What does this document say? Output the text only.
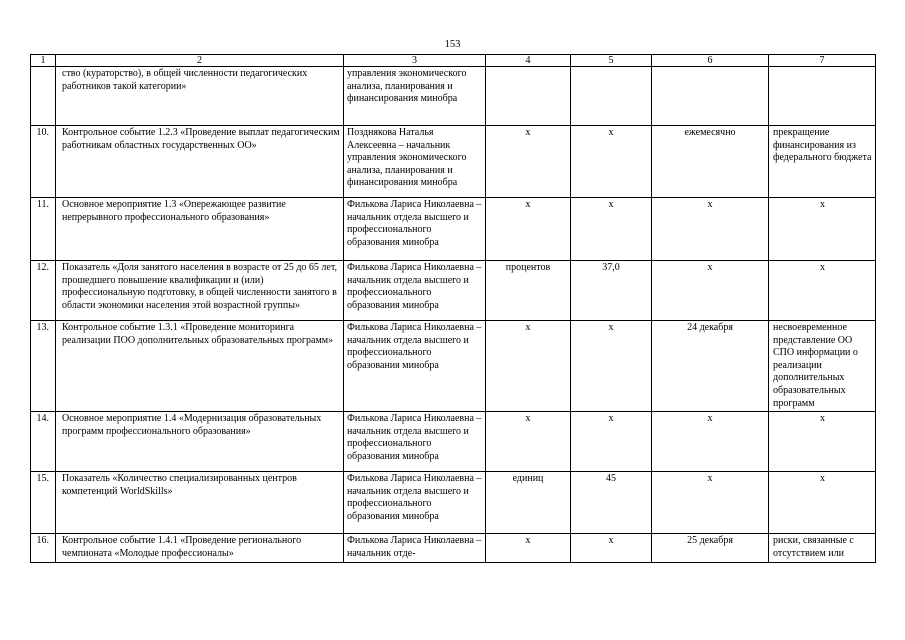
153
1	2	3	4	5	6	7
	ство (кураторство), в общей численности педагогических работников такой категории»	управления экономического анализа, планирования и финансирования минобра				
10.	Контрольное событие 1.2.3 «Проведение выплат педагогическим работникам областных государственных ОО»	Позднякова Наталья Алексеевна – начальник управления экономического анализа, планирования и финансирования минобра	х	х	ежемесячно	прекращение финансирования из федерального бюджета
11.	Основное мероприятие 1.3 «Опережающее развитие непрерывного профессионального образования»	Филькова Лариса Николаевна – начальник отдела высшего и профессионального образования минобра	х	х	х	х
12.	Показатель «Доля занятого населения в возрасте от 25 до 65 лет, прошедшего повышение квалификации и (или) профессиональную подготовку, в общей численности занятого в области экономики населения этой возрастной группы»	Филькова Лариса Николаевна – начальник отдела высшего и профессионального образования минобра	процентов	37,0	х	х
13.	Контрольное событие 1.3.1 «Проведение мониторинга реализации ПОО дополнительных образовательных программ»	Филькова Лариса Николаевна – начальник отдела высшего и профессионального образования минобра	х	х	24 декабря	несвоевременное представление ОО СПО информации о реализации дополнительных образовательных программ
14.	Основное мероприятие 1.4 «Модернизация образовательных программ профессионального образования»	Филькова Лариса Николаевна – начальник отдела высшего и профессионального образования минобра	х	х	х	х
15.	Показатель «Количество специализированных центров компетенций WorldSkills»	Филькова Лариса Николаевна – начальник отдела высшего и профессионального образования минобра	единиц	45	х	х
16.	Контрольное событие 1.4.1 «Проведение регионального чемпионата «Молодые профессионалы»	Филькова Лариса Николаевна – начальник отде-	х	х	25 декабря	риски, связанные с отсутствием или
